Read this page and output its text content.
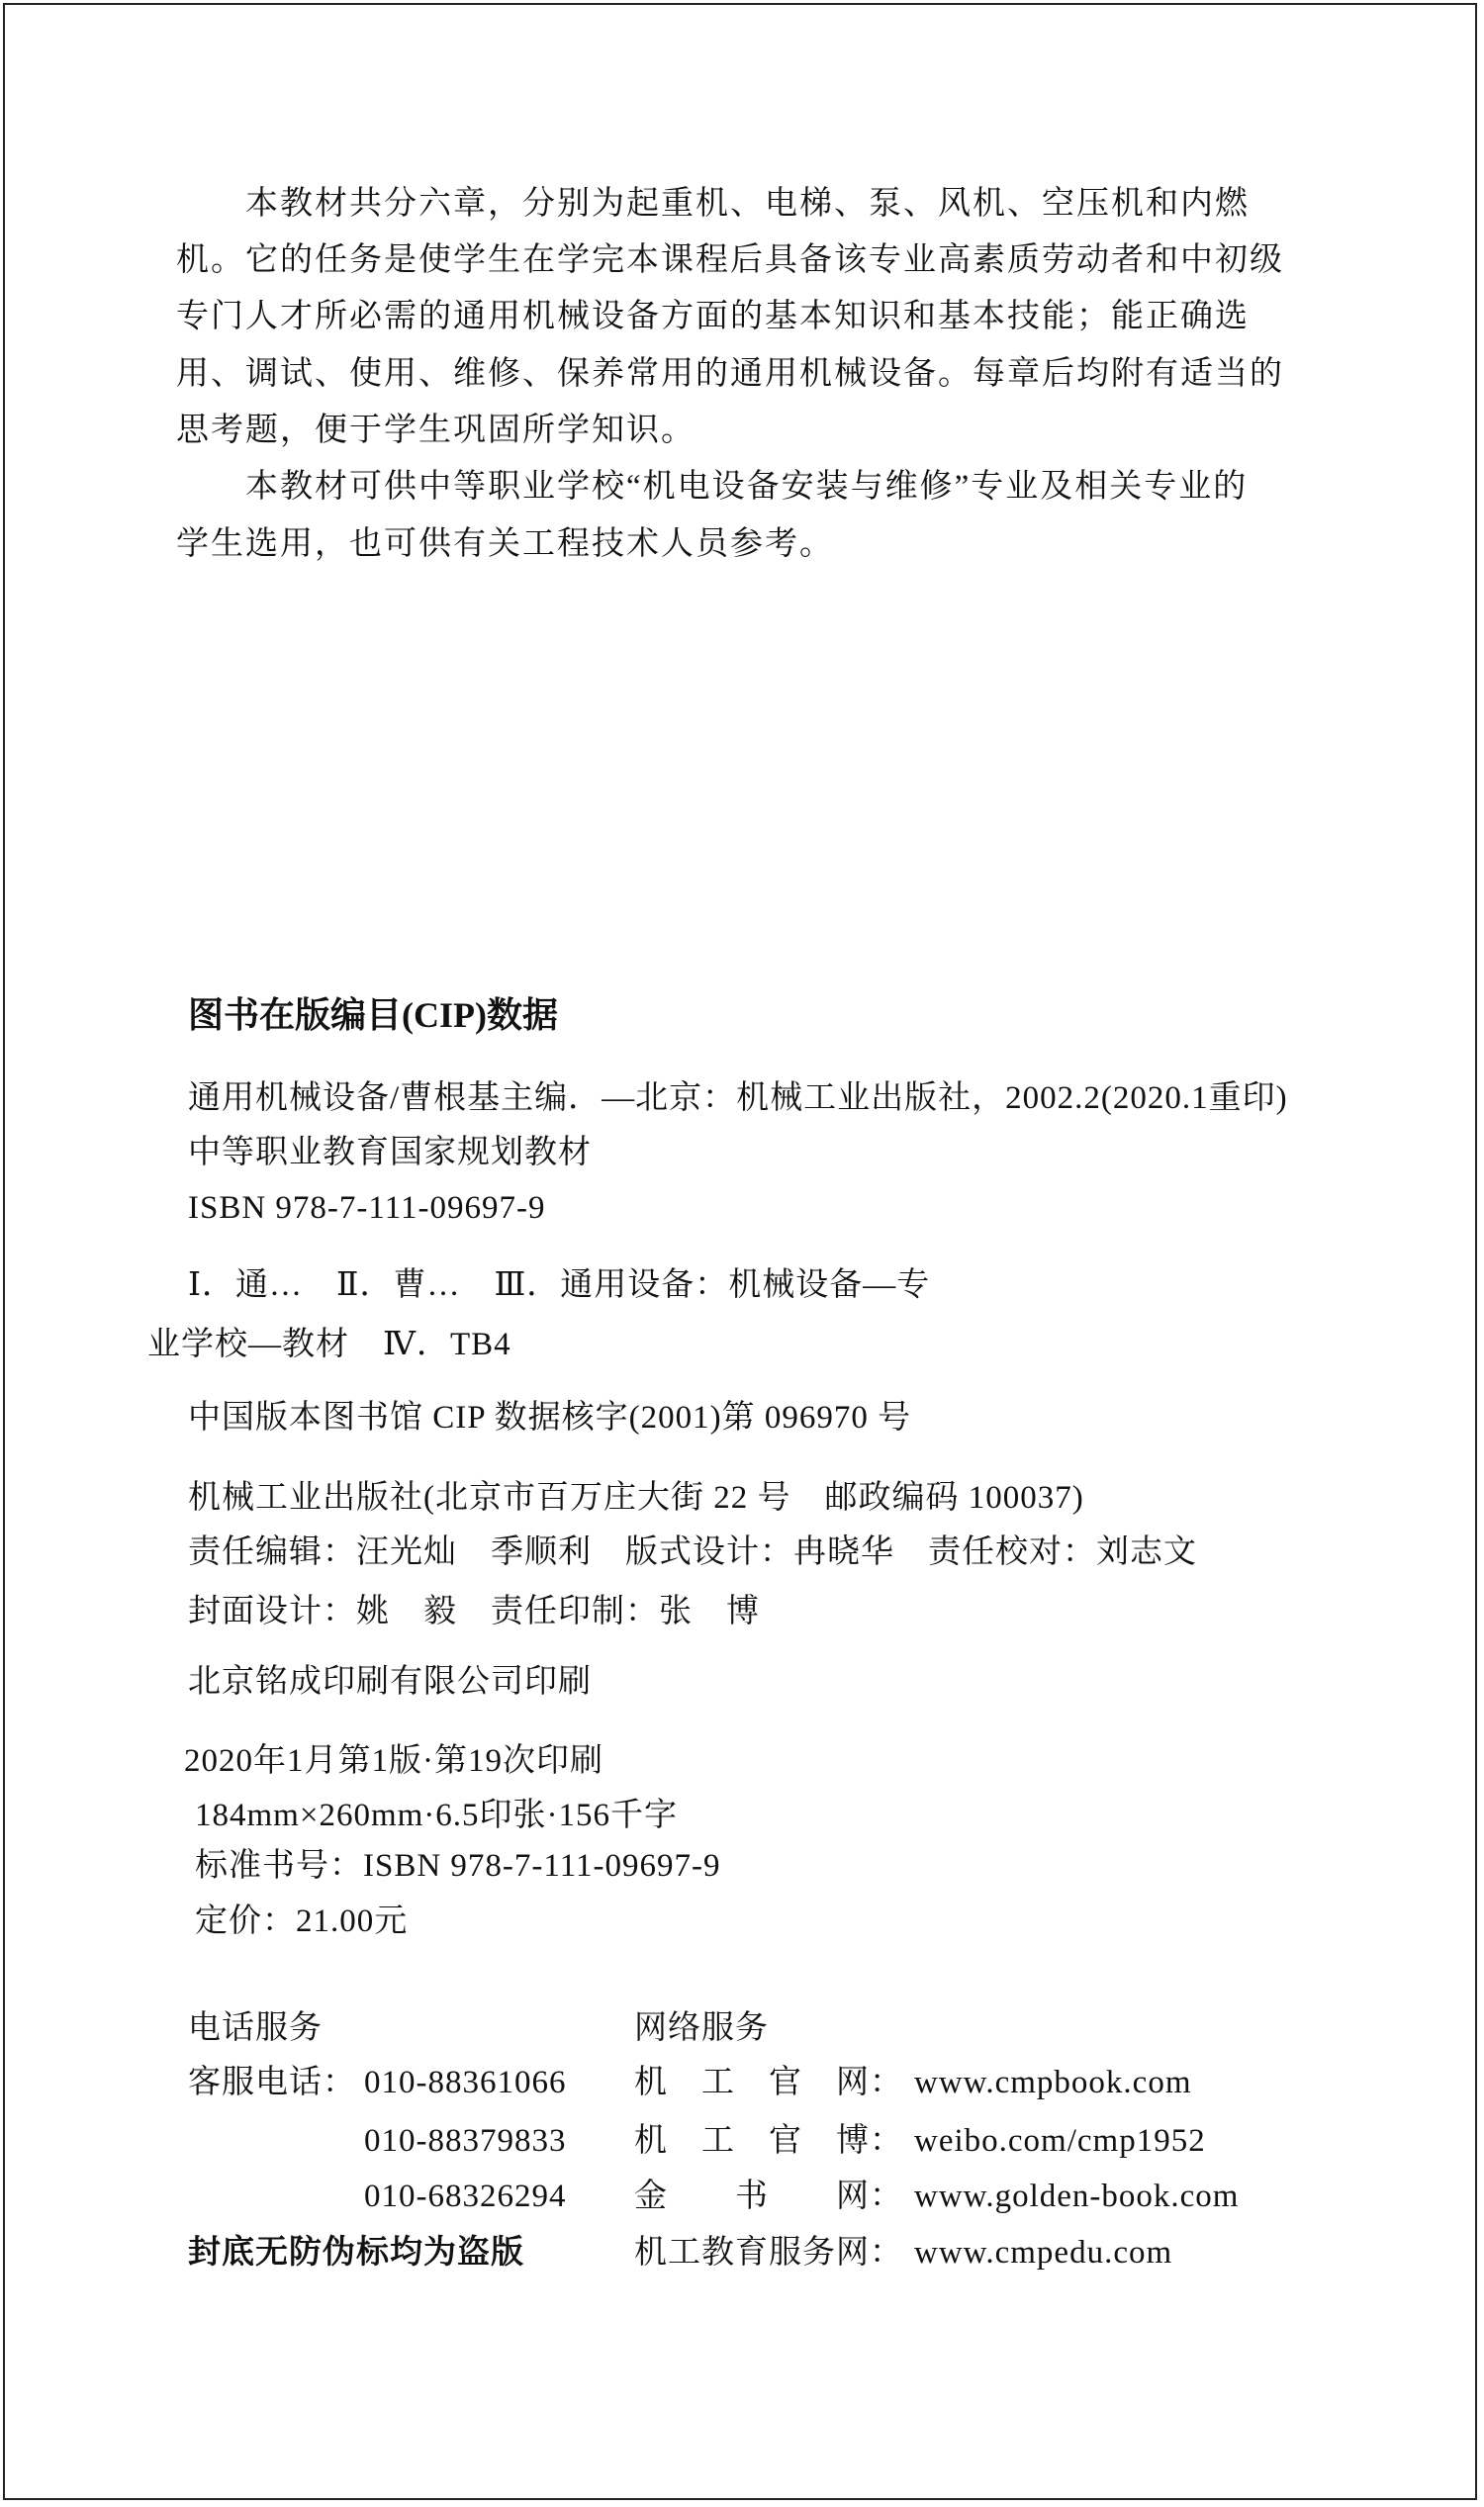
本教材共分六章，分别为起重机、电梯、泵、风机、空压机和内燃
机。它的任务是使学生在学完本课程后具备该专业高素质劳动者和中初级
专门人才所必需的通用机械设备方面的基本知识和基本技能；能正确选
用、调试、使用、维修、保养常用的通用机械设备。每章后均附有适当的
思考题，便于学生巩固所学知识。
本教材可供中等职业学校“机电设备安装与维修”专业及相关专业的
学生选用，也可供有关工程技术人员参考。
图书在版编目(CIP)数据
通用机械设备/曹根基主编．—北京：机械工业出版社，2002.2(2020.1重印)
中等职业教育国家规划教材
ISBN 978-7-111-09697-9
Ⅰ．通…　Ⅱ．曹…　Ⅲ．通用设备：机械设备—专
业学校—教材　Ⅳ．TB4
中国版本图书馆 CIP 数据核字(2001)第 096970 号
机械工业出版社(北京市百万庄大街 22 号　邮政编码 100037)
责任编辑：汪光灿　季顺利　版式设计：冉晓华　责任校对：刘志文
封面设计：姚　毅　责任印制：张　博
北京铭成印刷有限公司印刷
2020年1月第1版·第19次印刷
184mm×260mm·6.5印张·156千字
标准书号：ISBN 978-7-111-09697-9
定价：21.00元
电话服务	网络服务
客服电话： 010-88361066
010-88379833
010-68326294
封底无防伪标均为盗版
机　工　官　网： www.cmpbook.com
机　工　官　博： weibo.com/cmp1952
金　　书　　网： www.golden-book.com
机工教育服务网： www.cmpedu.com
